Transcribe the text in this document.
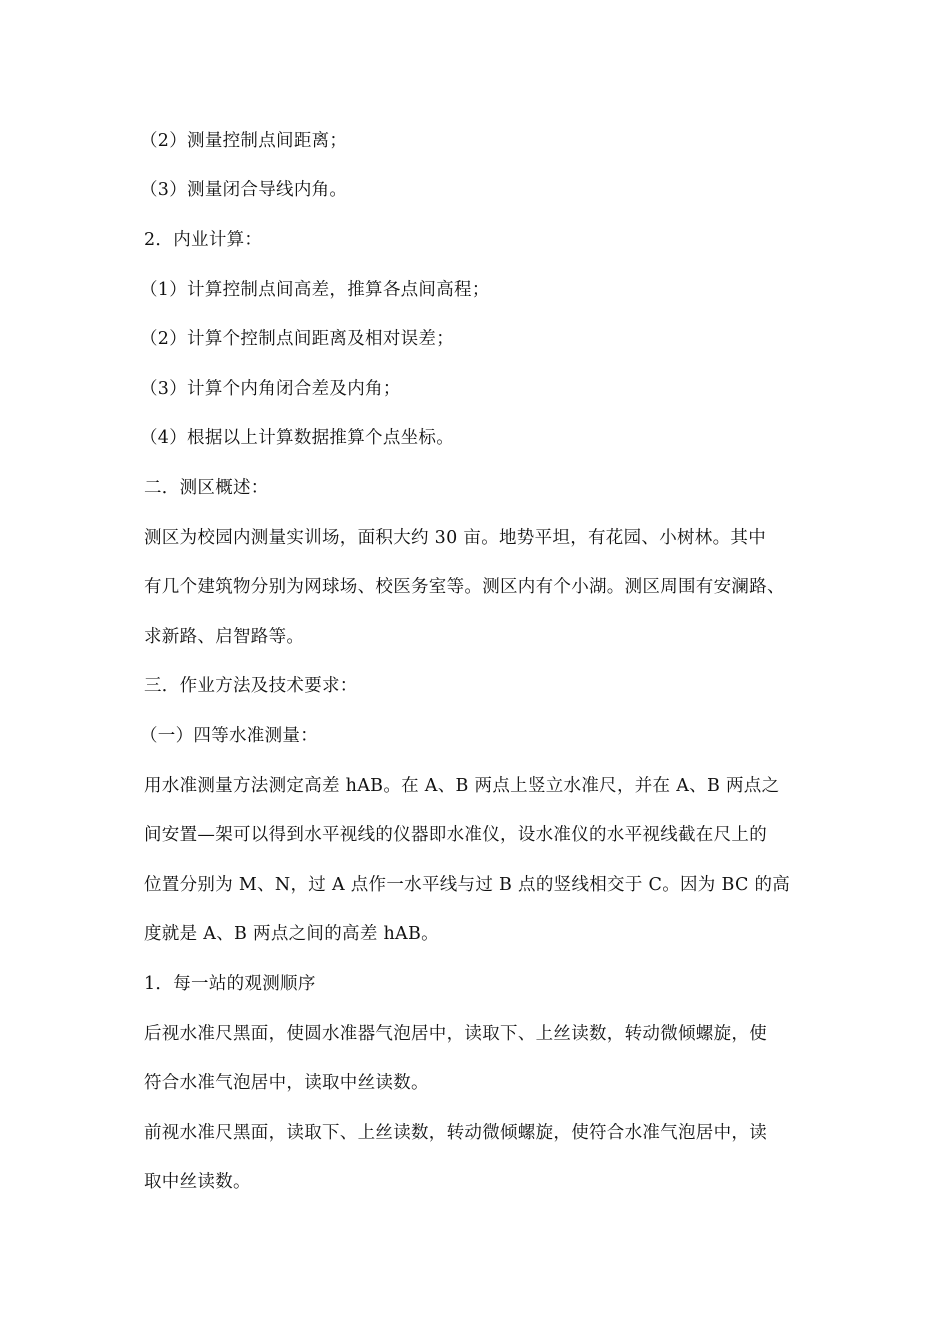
（2）测量控制点间距离；
（3）测量闭合导线内角。
2．内业计算：
（1）计算控制点间高差，推算各点间高程；
（2）计算个控制点间距离及相对误差；
（3）计算个内角闭合差及内角；
（4）根据以上计算数据推算个点坐标。
二．测区概述：
测区为校园内测量实训场，面积大约 30 亩。地势平坦，有花园、小树林。其中
有几个建筑物分别为网球场、校医务室等。测区内有个小湖。测区周围有安澜路、
求新路、启智路等。
三．作业方法及技术要求：
（一）四等水准测量：
用水准测量方法测定高差 hAB。在 A、B 两点上竖立水准尺，并在 A、B 两点之
间安置—架可以得到水平视线的仪器即水准仪，设水准仪的水平视线截在尺上的
位置分别为 M、N，过 A 点作一水平线与过 B 点的竖线相交于 C。因为 BC 的高
度就是 A、B 两点之间的高差 hAB。
1．每一站的观测顺序
后视水准尺黑面，使圆水准器气泡居中，读取下、上丝读数，转动微倾螺旋，使
符合水准气泡居中，读取中丝读数。
前视水准尺黑面，读取下、上丝读数，转动微倾螺旋，使符合水准气泡居中，读
取中丝读数。
